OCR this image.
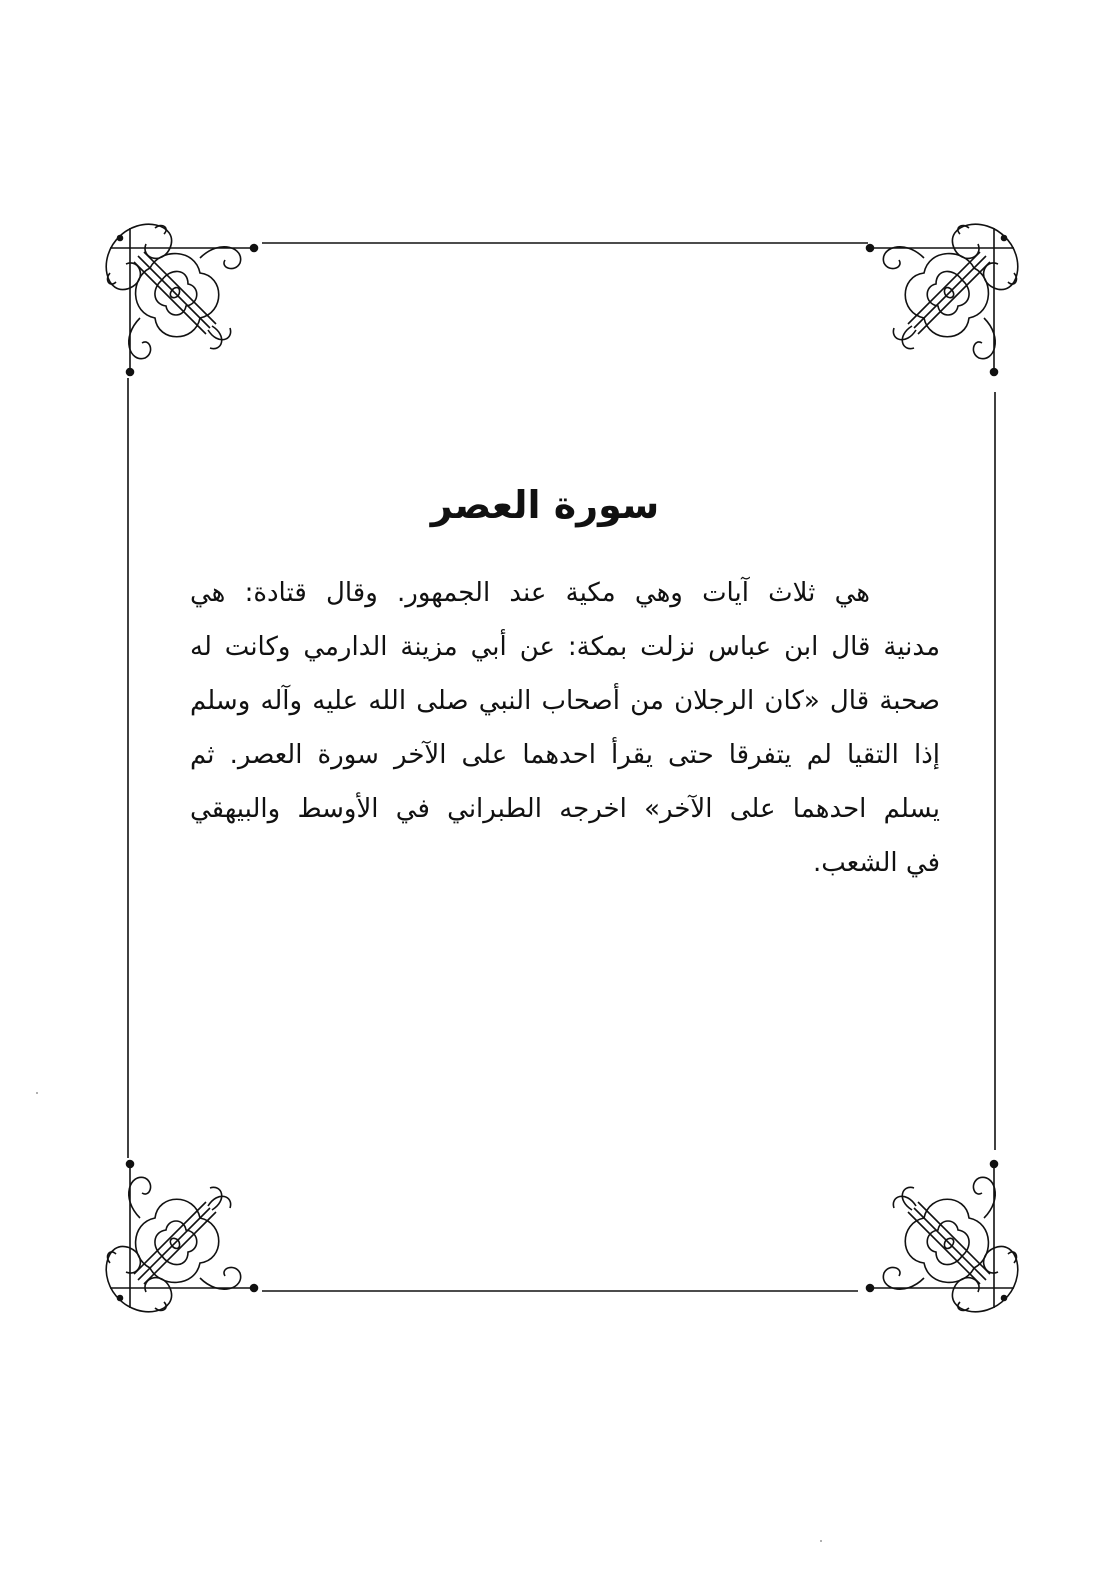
سورة العصر
هي ثلاث آيات وهي مكية عند الجمهور. وقال قتادة: هي
مدنية قال ابن عباس نزلت بمكة: عن أبي مزينة الدارمي وكانت له
صحبة قال «كان الرجلان من أصحاب النبي صلى الله عليه وآله وسلم
إذا التقيا لم يتفرقا حتى يقرأ احدهما على الآخر سورة العصر. ثم
يسلم احدهما على الآخر» اخرجه الطبراني في الأوسط والبيهقي
في الشعب.
